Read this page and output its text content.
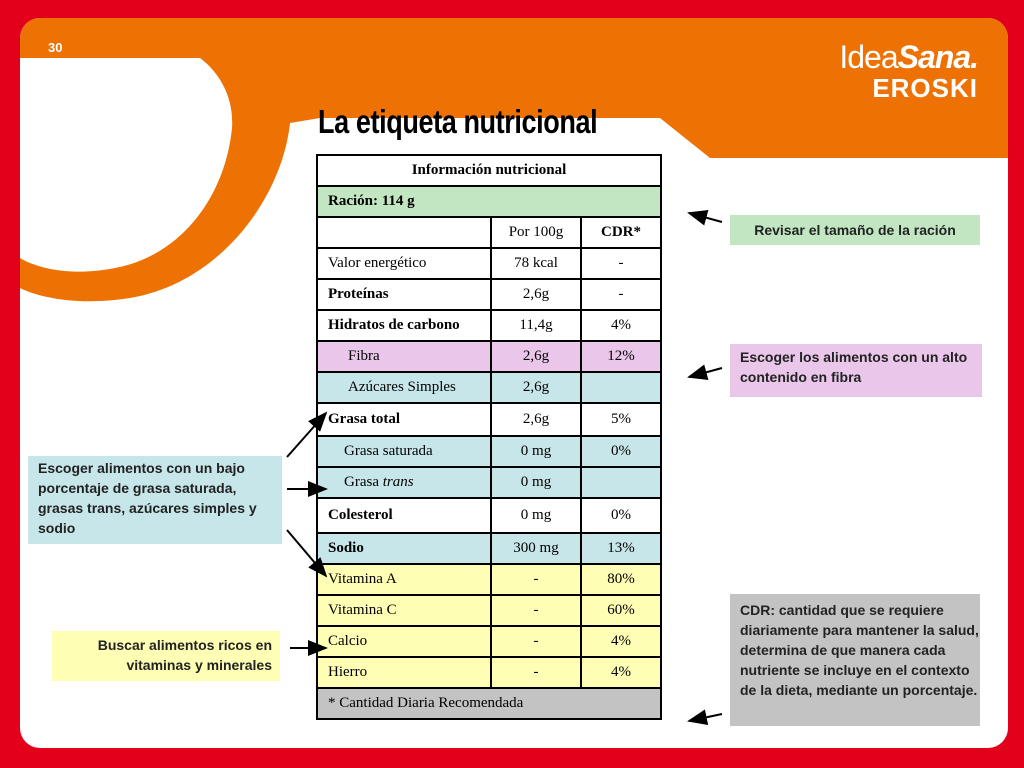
30	IdeaSana.
EROSKI
La etiqueta nutricional
Información nutricional		
Ración: 114 g		
	Por 100g	CDR*
Valor energético	78 kcal	-
Proteínas	2,6g	-
Hidratos de carbono	11,4g	4%
Fibra	2,6g	12%
Azúcares Simples	2,6g	
Grasa total	2,6g	5%
Grasa saturada	0 mg	0%
Grasa trans	0 mg	
Colesterol	0 mg	0%
Sodio	300 mg	13%
Vitamina A	-	80%
Vitamina C	-	60%
Calcio	-	4%
Hierro	-	4%
* Cantidad Diaria Recomendada		
Revisar el tamaño de la ración
Escoger los alimentos con un alto contenido en fibra
Escoger alimentos con un bajo porcentaje de grasa saturada, grasas trans, azúcares simples y sodio
Buscar alimentos ricos en vitaminas y minerales
CDR: cantidad que se requiere diariamente para mantener la salud, determina de que manera cada nutriente se incluye en el contexto de la dieta, mediante un porcentaje.
